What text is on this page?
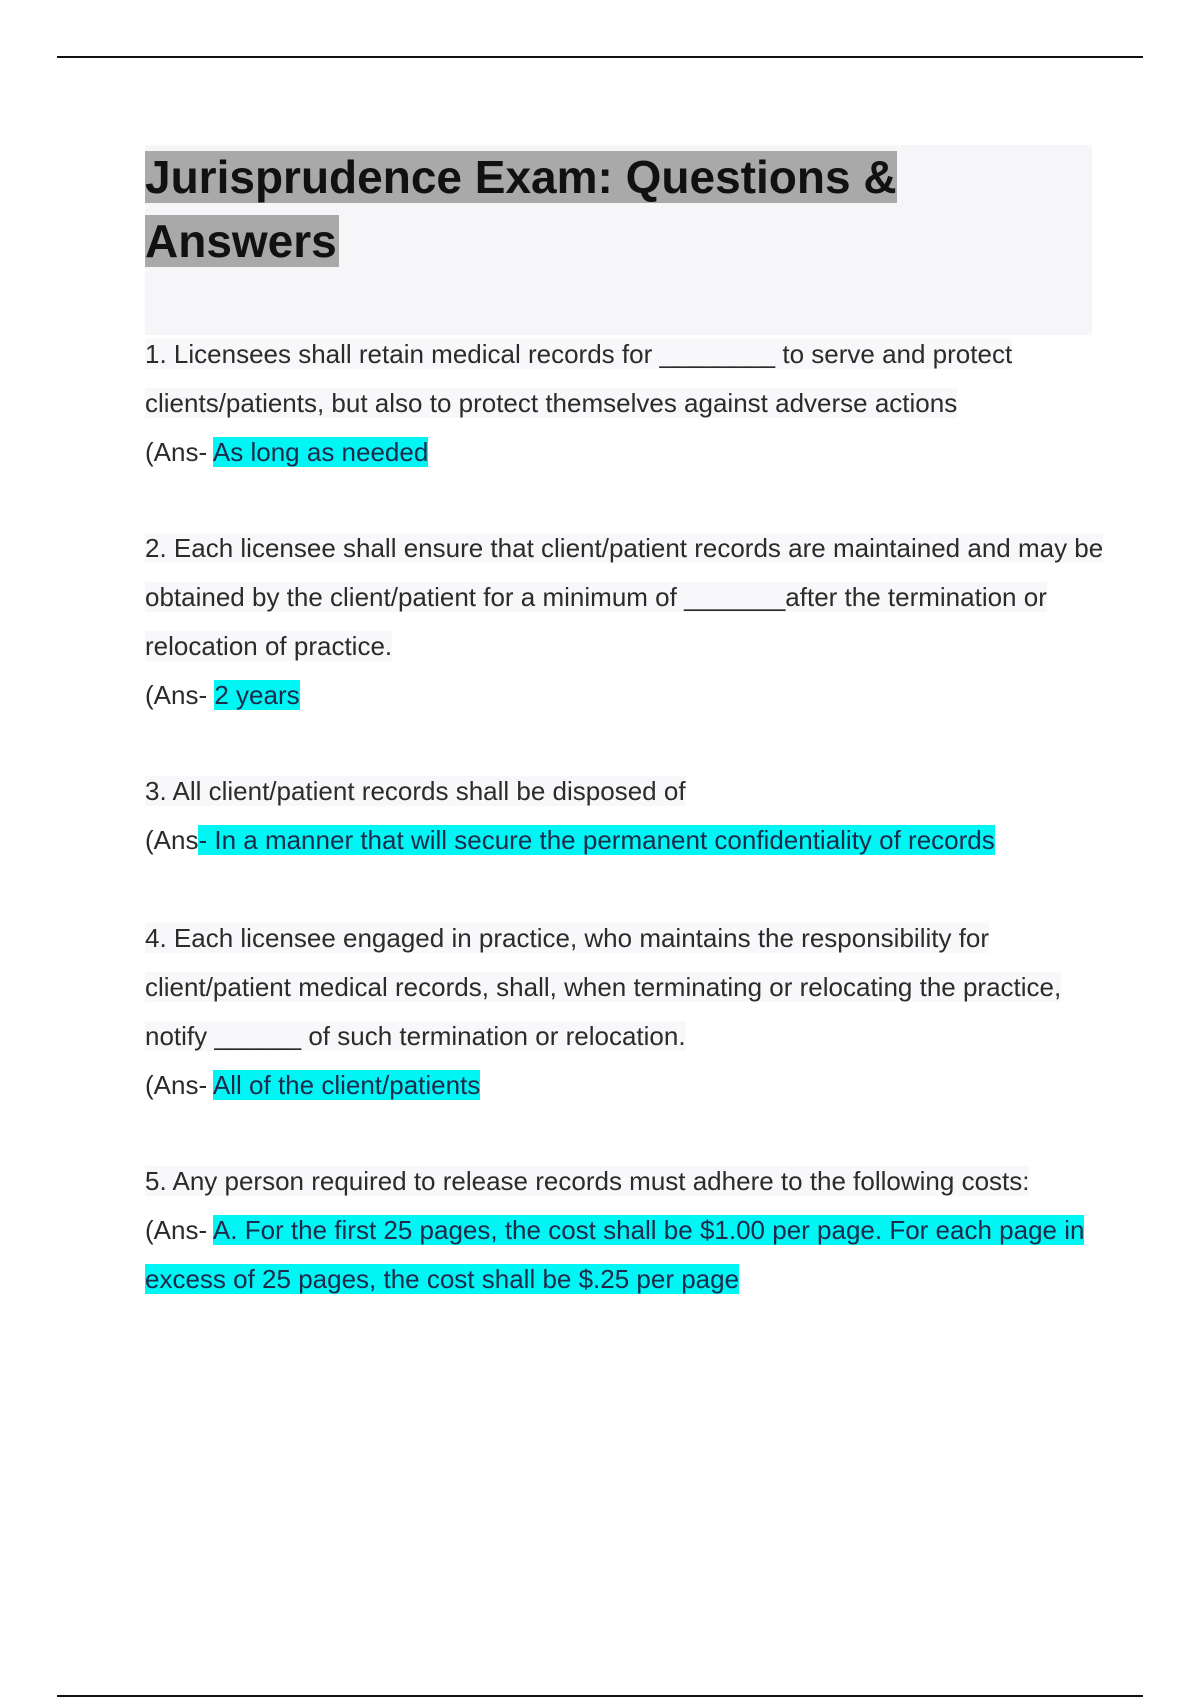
Jurisprudence Exam: Questions & Answers

1. Licensees shall retain medical records for ________ to serve and protect clients/patients, but also to protect themselves against adverse actions

(Ans- As long as needed

2. Each licensee shall ensure that client/patient records are maintained and may be obtained by the client/patient for a minimum of _______after the termination or relocation of practice.

(Ans- 2 years

3. All client/patient records shall be disposed of

(Ans- In a manner that will secure the permanent confidentiality of records

4. Each licensee engaged in practice, who maintains the responsibility for client/patient medical records, shall, when terminating or relocating the practice, notify ______ of such termination or relocation.

(Ans- All of the client/patients

5. Any person required to release records must adhere to the following costs:

(Ans- A. For the first 25 pages, the cost shall be $1.00 per page. For each page in excess of 25 pages, the cost shall be $.25 per page
